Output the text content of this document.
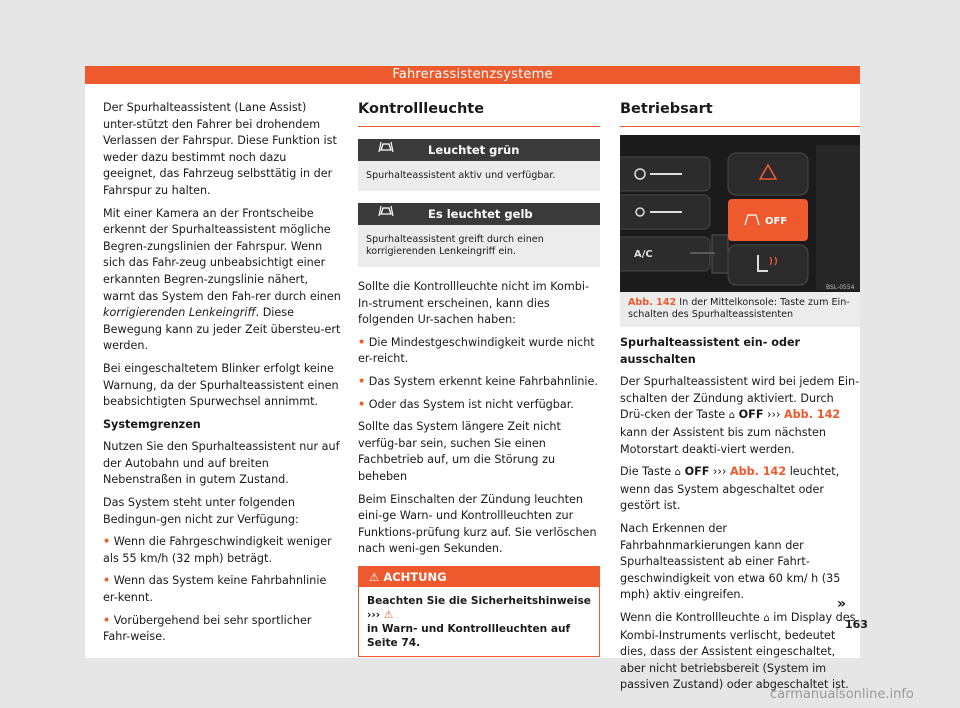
Fahrerassistenzsysteme

Der Spurhalteassistent (Lane Assist) unter-stützt den Fahrer bei drohendem Verlassen der Fahrspur. Diese Funktion ist weder dazu bestimmt noch dazu geeignet, das Fahrzeug selbsttätig in der Fahrspur zu halten.

Mit einer Kamera an der Frontscheibe erkennt der Spurhalteassistent mögliche Begren-zungslinien der Fahrspur. Wenn sich das Fahr-zeug unbeabsichtigt einer erkannten Begren-zungslinie nähert, warnt das System den Fah-rer durch einen korrigierenden Lenkeingriff. Diese Bewegung kann zu jeder Zeit übersteu-ert werden.

Bei eingeschaltetem Blinker erfolgt keine Warnung, da der Spurhalteassistent einen beabsichtigten Spurwechsel annimmt.

Systemgrenzen

Nutzen Sie den Spurhalteassistent nur auf der Autobahn und auf breiten Nebenstraßen in gutem Zustand.

Das System steht unter folgenden Bedingun-gen nicht zur Verfügung:

• Wenn die Fahrgeschwindigkeit weniger als 55 km/h (32 mph) beträgt.

• Wenn das System keine Fahrbahnlinie er-kennt.

• Vorübergehend bei sehr sportlicher Fahr-weise.

Kontrollleuchte
Leuchtet grün
Spurhalteassistent aktiv und verfügbar.
Es leuchtet gelb
Spurhalteassistent greift durch einen korrigierenden Lenkeingriff ein.

Sollte die Kontrollleuchte nicht im Kombi-In-strument erscheinen, kann dies folgenden Ur-sachen haben:

• Die Mindestgeschwindigkeit wurde nicht er-reicht.

• Das System erkennt keine Fahrbahnlinie.

• Oder das System ist nicht verfügbar.

Sollte das System längere Zeit nicht verfüg-bar sein, suchen Sie einen Fachbetrieb auf, um die Störung zu beheben

Beim Einschalten der Zündung leuchten eini-ge Warn- und Kontrollleuchten zur Funktions-prüfung kurz auf. Sie verlöschen nach weni-gen Sekunden.

⚠ ACHTUNG
Beachten Sie die Sicherheitshinweise ››› ⚠
in Warn- und Kontrollleuchten auf Seite 74.
Betriebsart
A/C
OFF
BSL-0554
Abb. 142 In der Mittelkonsole: Taste zum Ein-schalten des Spurhalteassistenten

Spurhalteassistent ein- oder ausschalten

Der Spurhalteassistent wird bei jedem Ein-schalten der Zündung aktiviert. Durch Drü-cken der Taste ⌂ OFF ››› Abb. 142 kann der Assistent bis zum nächsten Motorstart deakti-viert werden.

Die Taste ⌂ OFF ››› Abb. 142 leuchtet, wenn das System abgeschaltet oder gestört ist.

Nach Erkennen der Fahrbahnmarkierungen kann der Spurhalteassistent ab einer Fahrt-geschwindigkeit von etwa 60 km/ h (35 mph) aktiv eingreifen.

Wenn die Kontrollleuchte ⌂ im Display des Kombi-Instruments verlischt, bedeutet dies, dass der Assistent eingeschaltet, aber nicht betriebsbereit (System im passiven Zustand) oder abgeschaltet ist.

»
163
carmanualsonline.info
